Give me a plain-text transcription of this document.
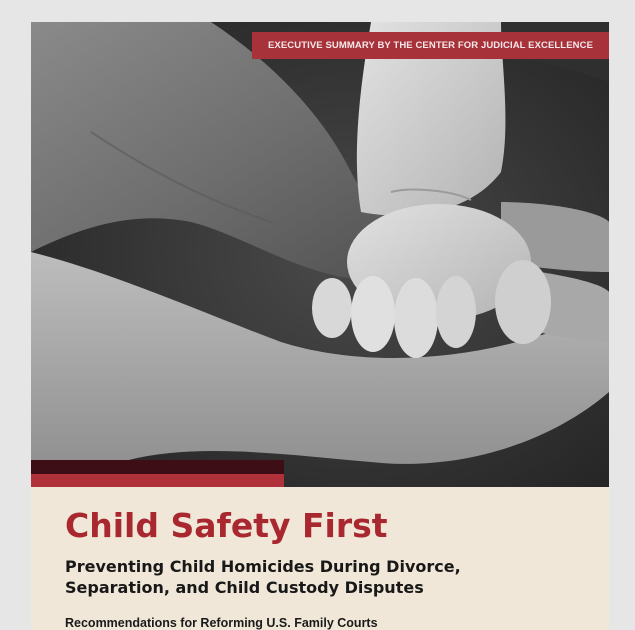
EXECUTIVE SUMMARY BY THE CENTER FOR JUDICIAL EXCELLENCE
Child Safety First
Preventing Child Homicides During Divorce,
Separation, and Child Custody Disputes

Recommendations for Reforming U.S. Family Courts
